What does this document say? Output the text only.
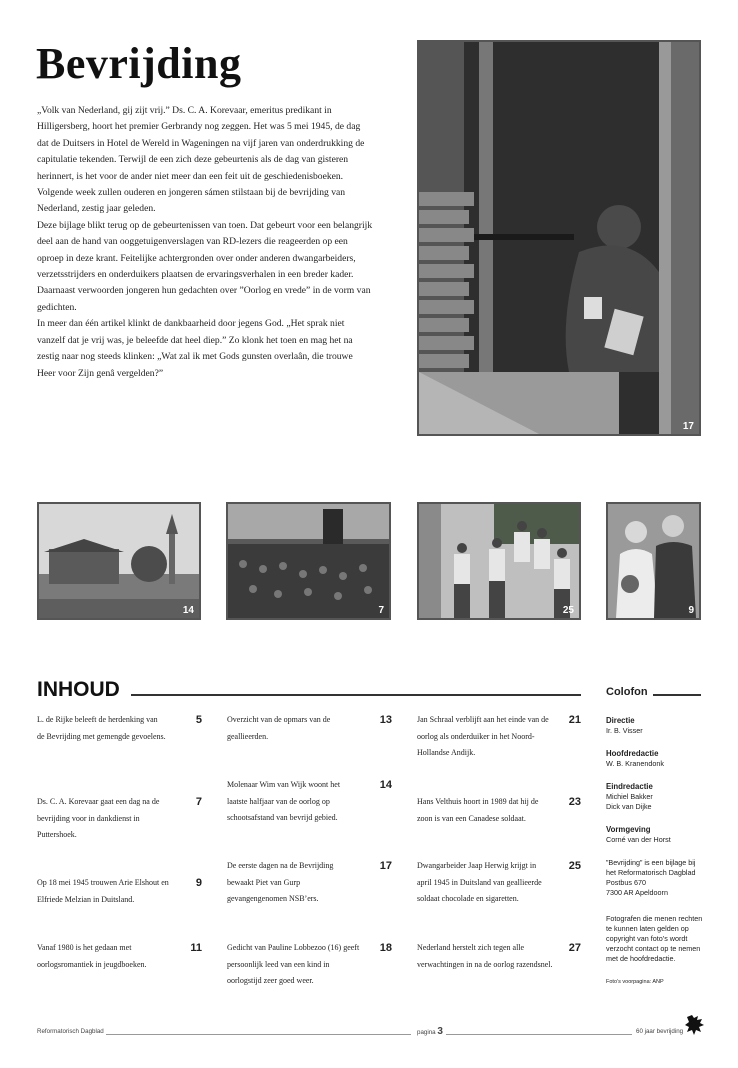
Bevrijding

„Volk van Nederland, gij zijt vrij.” Ds. C. A. Korevaar, emeritus predikant in Hilligersberg, hoort het premier Gerbrandy nog zeggen. Het was 5 mei 1945, de dag dat de Duitsers in Hotel de Wereld in Wageningen na vijf jaren van onderdrukking de capitulatie tekenden. Terwijl de een zich deze gebeurtenis als de dag van gisteren herinnert, is het voor de ander niet meer dan een feit uit de geschiedenisboeken. Volgende week zullen ouderen en jongeren sámen stilstaan bij de bevrijding van Nederland, zestig jaar geleden.

Deze bijlage blikt terug op de gebeurtenissen van toen. Dat gebeurt voor een belangrijk deel aan de hand van ooggetuigenverslagen van RD-lezers die reageerden op een oproep in deze krant. Feitelijke achtergronden over onder anderen dwangarbeiders, verzetsstrijders en onderduikers plaatsen de ervaringsverhalen in een breder kader. Daarnaast verwoorden jongeren hun gedachten over ”Oorlog en vrede” in de vorm van gedichten.

In meer dan één artikel klinkt de dankbaarheid door jegens God. „Het sprak niet vanzelf dat je vrij was, je beleefde dat heel diep.” Zo klonk het toen en mag het na zestig naar nog steeds klinken: „Wat zal ik met Gods gunsten overlaân, die trouwe Heer voor Zijn genâ vergelden?”

17
14	7	25	9
INHOUD	Colofon
L. de Rijke beleeft de herdenking van de Bevrijding met gemengde gevoelens.
5
Ds. C. A. Korevaar gaat een dag na de bevrijding voor in dankdienst in Puttershoek.
7
Op 18 mei 1945 trouwen Arie Elshout en Elfriede Melzian in Duitsland.
9
Vanaf 1980 is het gedaan met oorlogsromantiek in jeugdboeken.
11
Overzicht van de opmars van de geallieerden.
13
Molenaar Wim van Wijk woont het laatste halfjaar van de oorlog op schootsafstand van bevrijd gebied.
14
De eerste dagen na de Bevrijding bewaakt Piet van Gurp gevangengenomen NSB’ers.
17
Gedicht van Pauline Lobbezoo (16) geeft persoonlijk leed van een kind in oorlogstijd zeer goed weer.
18
Jan Schraal verblijft aan het einde van de oorlog als onderduiker in het Noord-Hollandse Andijk.
21
Hans Velthuis hoort in 1989 dat hij de zoon is van een Canadese soldaat.
23
Dwangarbeider Jaap Herwig krijgt in april 1945 in Duitsland van geallieerde soldaat chocolade en sigaretten.
25
Nederland herstelt zich tegen alle verwachtingen in na de oorlog razendsnel.
27
Directie
Ir. B. Visser
Hoofdredactie
W. B. Kranendonk
Eindredactie
Michiel Bakker
Dick van Dijke
Vormgeving
Corné van der Horst
”Bevrijding” is een bijlage bij
het Reformatorisch Dagblad
Postbus 670
7300 AR Apeldoorn
Fotografen die menen rechten te kunnen laten gelden op copyright van foto’s wordt verzocht contact op te nemen met de hoofdredactie.
Foto’s voorpagina: ANP
Reformatorisch Dagblad	pagina 3	60 jaar bevrijding
